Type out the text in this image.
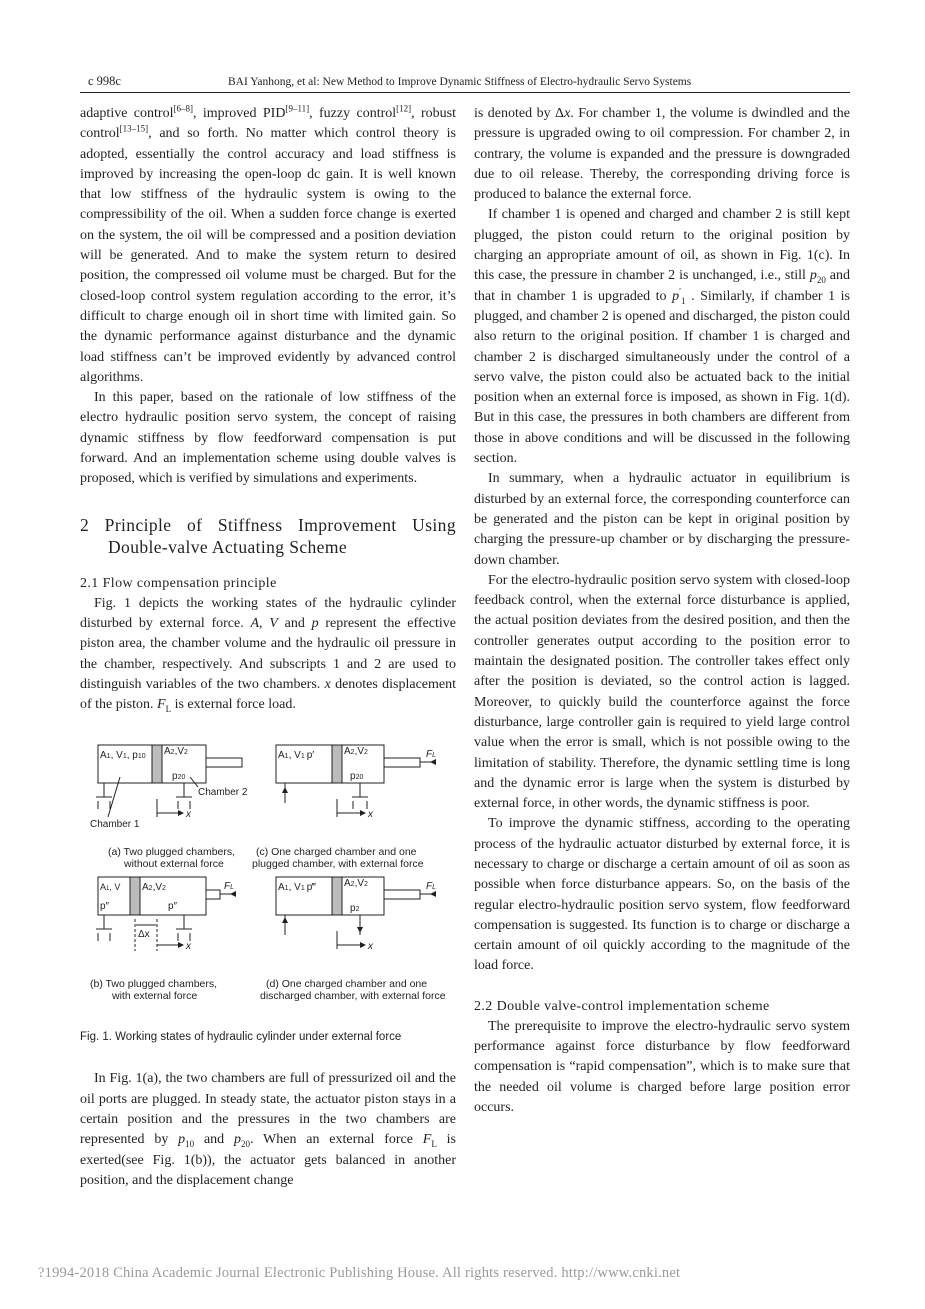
c 998c	BAI Yanhong, et al: New Method to Improve Dynamic Stiffness of Electro-hydraulic Servo Systems

adaptive control[6–8], improved PID[9–11], fuzzy control[12], robust control[13–15], and so forth. No matter which control theory is adopted, essentially the control accuracy and load stiffness is improved by increasing the open-loop dc gain. It is well known that low stiffness of the hydraulic system is owing to the compressibility of the oil. When a sudden force change is exerted on the system, the oil will be compressed and a position deviation will be generated. And to make the system return to desired position, the compressed oil volume must be charged. But for the closed-loop control system regulation according to the error, it’s difficult to charge enough oil in short time with limited gain. So the dynamic performance against disturbance and the dynamic load stiffness can’t be improved evidently by advanced control algorithms.

In this paper, based on the rationale of low stiffness of the electro hydraulic position servo system, the concept of raising dynamic stiffness by flow feedforward compensation is put forward. And an implementation scheme using double valves is proposed, which is verified by simulations and experiments.

2 Principle of Stiffness Improvement Using Double-valve Actuating Scheme
2.1 Flow compensation principle

Fig. 1 depicts the working states of the hydraulic cylinder disturbed by external force. A, V and p represent the effective piston area, the chamber volume and the hydraulic oil pressure in the chamber, respectively. And subscripts 1 and 2 are used to distinguish variables of the two chambers. x denotes displacement of the piston. $F_L$ is external force load.

A1, V1, p10 A2,V2
p20
Chamber 2
Chamber 1
x
(a) Two plugged chambers,
without external force
A1, V1 p′	A2,V2
p20
FL
x
(c) One charged chamber and one
plugged chamber, with external force
A1, V
p″
A2,V2
p″
FL
Δx
x
(b) Two plugged chambers,
with external force
A1, V1 p‴	A2,V2
p2
FL
x
(d) One charged chamber and one
discharged chamber, with external force
Fig. 1. Working states of hydraulic cylinder under external force

In Fig. 1(a), the two chambers are full of pressurized oil and the oil ports are plugged. In steady state, the actuator piston stays in a certain position and the pressures in the two chambers are represented by $p_{10}$ and $p_{20}$. When an external force $F_L$ is exerted(see Fig. 1(b)), the actuator gets balanced in another position, and the displacement change

is denoted by Δx. For chamber 1, the volume is dwindled and the pressure is upgraded owing to oil compression. For chamber 2, in contrary, the volume is expanded and the pressure is downgraded due to oil release. Thereby, the corresponding driving force is produced to balance the external force.

If chamber 1 is opened and charged and chamber 2 is still kept plugged, the piston could return to the original position by charging an appropriate amount of oil, as shown in Fig. 1(c). In this case, the pressure in chamber 2 is unchanged, i.e., still $p_{20}$ and that in chamber 1 is upgraded to $p'_1$ . Similarly, if chamber 1 is plugged, and chamber 2 is opened and discharged, the piston could also return to the original position. If chamber 1 is charged and chamber 2 is discharged simultaneously under the control of a servo valve, the piston could also be actuated back to the initial position when an external force is imposed, as shown in Fig. 1(d). But in this case, the pressures in both chambers are different from those in above conditions and will be discussed in the following section.

In summary, when a hydraulic actuator in equilibrium is disturbed by an external force, the corresponding counterforce can be generated and the piston can be kept in original position by charging the pressure-up chamber or by discharging the pressure-down chamber.

For the electro-hydraulic position servo system with closed-loop feedback control, when the external force disturbance is applied, the actual position deviates from the desired position, and then the controller generates output according to the position error to maintain the designated position. The controller takes effect only after the position is deviated, so the control action is lagged. Moreover, to quickly build the counterforce against the force disturbance, large controller gain is required to yield large control value when the error is small, which is not possible owing to the limitation of stability. Therefore, the dynamic settling time is long and the dynamic error is large when the system is disturbed by external force, in other words, the dynamic stiffness is poor.

To improve the dynamic stiffness, according to the operating process of the hydraulic actuator disturbed by external force, it is necessary to charge or discharge a certain amount of oil as soon as possible when force disturbance appears. So, on the basis of the regular electro-hydraulic position servo system, flow feedforward compensation is suggested. Its function is to charge or discharge a certain amount of oil quickly according to the magnitude of the load force.

2.2 Double valve-control implementation scheme

The prerequisite to improve the electro-hydraulic servo system performance against force disturbance by flow feedforward compensation is “rapid compensation”, which is to make sure that the needed oil volume is charged before large position error occurs.

?1994-2018 China Academic Journal Electronic Publishing House. All rights reserved. http://www.cnki.net
